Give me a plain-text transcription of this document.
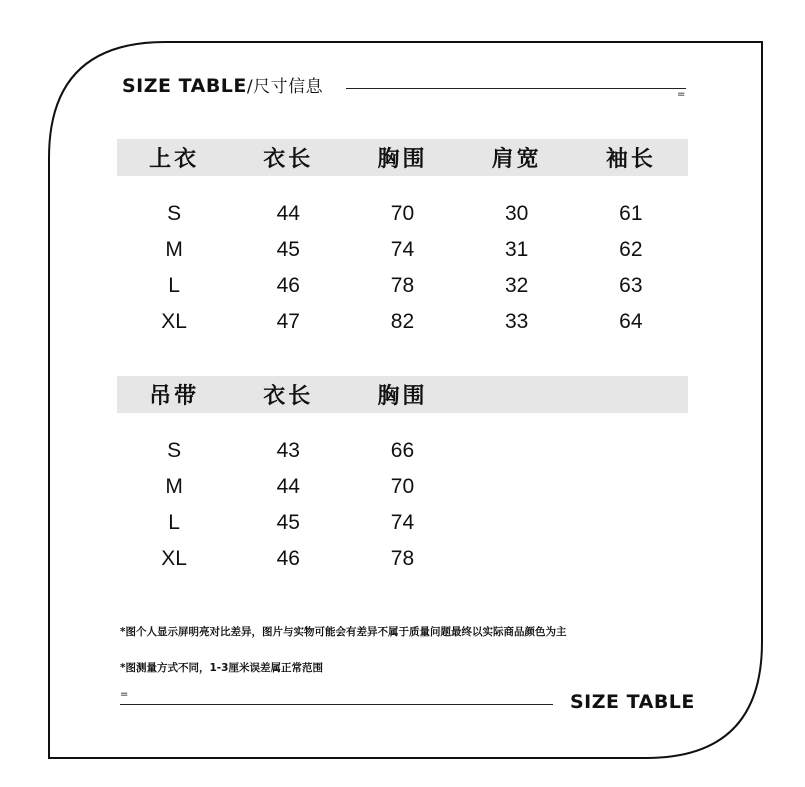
SIZE TABLE/尺寸信息	=
上衣	衣长	胸围	肩宽	袖长
S	44	70	30	61
M	45	74	31	62
L	46	78	32	63
XL	47	82	33	64
吊带	衣长	胸围
S	43	66
M	44	70
L	45	74
XL	46	78
*图个人显示屏明亮对比差异，图片与实物可能会有差异不属于质量问题最终以实际商品颜色为主
*图测量方式不同，1-3厘米误差属正常范围
=	SIZE TABLE
